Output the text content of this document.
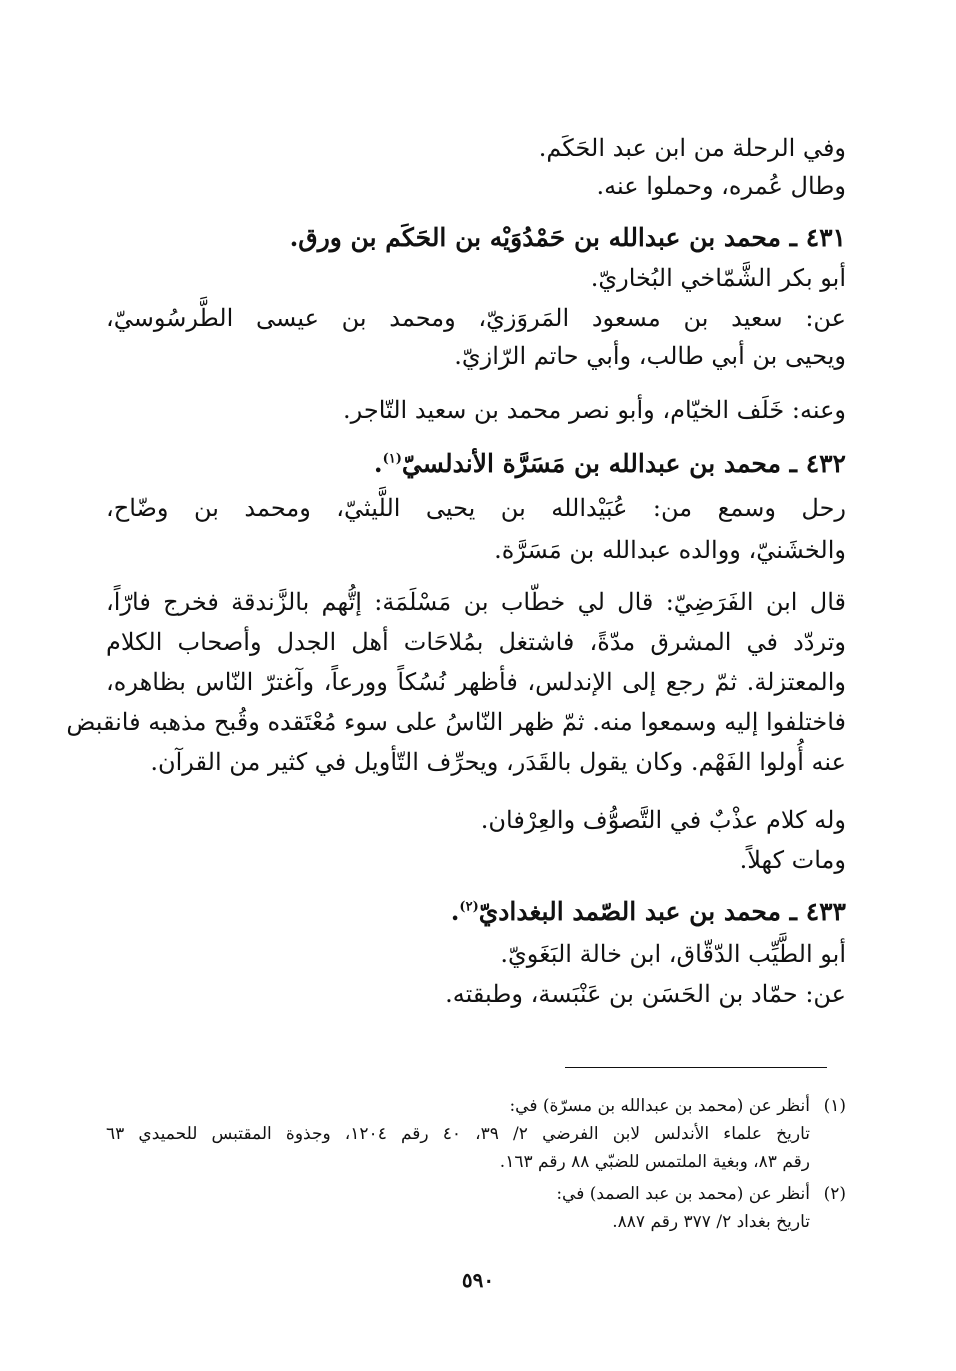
وفي الرحلة من ابن عبد الحَكَم.
وطال عُمره، وحملوا عنه.
٤٣١ ـ محمد بن عبدالله بن حَمْدُوَيْه بن الحَكَم بن ورق.
أبو بكر الشَّمّاخي البُخاريّ.
عن: سعيد بن مسعود المَروَزيّ، ومحمد بن عيسى الطَّرسُوسيّ،
ويحيى بن أبي طالب، وأبي حاتم الرّازيّ.
وعنه: خَلَف الخيّام، وأبو نصر محمد بن سعيد التّاجر.
٤٣٢ ـ محمد بن عبدالله بن مَسَرَّة الأندلسيّ$^{(١)}$.
رحل وسمع من: عُبَيْدالله بن يحيى اللَّيثيّ، ومحمد بن وضّاح،
والخشَنيّ، ووالده عبدالله بن مَسَرَّة.
قال ابن الفَرَضِيّ: قال لي خطّاب بن مَسْلَمَة: إتُّهم بالزَّندقة فخرج فارّاً،
وتردّد في المشرق مدّةً، فاشتغل بمُلاحَات أهل الجدل وأصحاب الكلام
والمعتزلة. ثمّ رجع إلى الإندلس، فأظهر نُسُكاً وورعاً، وآغترّ النّاس بظاهره،
فاختلفوا إليه وسمعوا منه. ثمّ ظهر النّاسُ على سوء مُعْتَقده وقُبح مذهبه فانقبض
عنه أُولوا الفَهْم. وكان يقول بالقَدَر، ويحرِّف التّأويل في كثير من القرآن.
وله كلام عذْبٌ في التَّصوُّف والعِرْفان.
ومات كهلاً.
٤٣٣ ـ محمد بن عبد الصّمد البغداديّ$^{(٢)}$.
أبو الطَّيِّب الدّقّاق، ابن خالة البَغَويّ.
عن: حمّاد بن الحَسَن بن عَنْبَسة، وطبقته.
(١)أنظر عن (محمد بن عبدالله بن مسرّة) في:
تاريخ علماء الأندلس لابن الفرضي ٢/ ٣٩، ٤٠ رقم ١٢٠٤، وجذوة المقتبس للحميدي ٦٣
رقم ٨٣، وبغية الملتمس للضبّي ٨٨ رقم ١٦٣.
(٢)أنظر عن (محمد بن عبد الصمد) في:
تاريخ بغداد ٢/ ٣٧٧ رقم ٨٨٧.
٥٩٠
